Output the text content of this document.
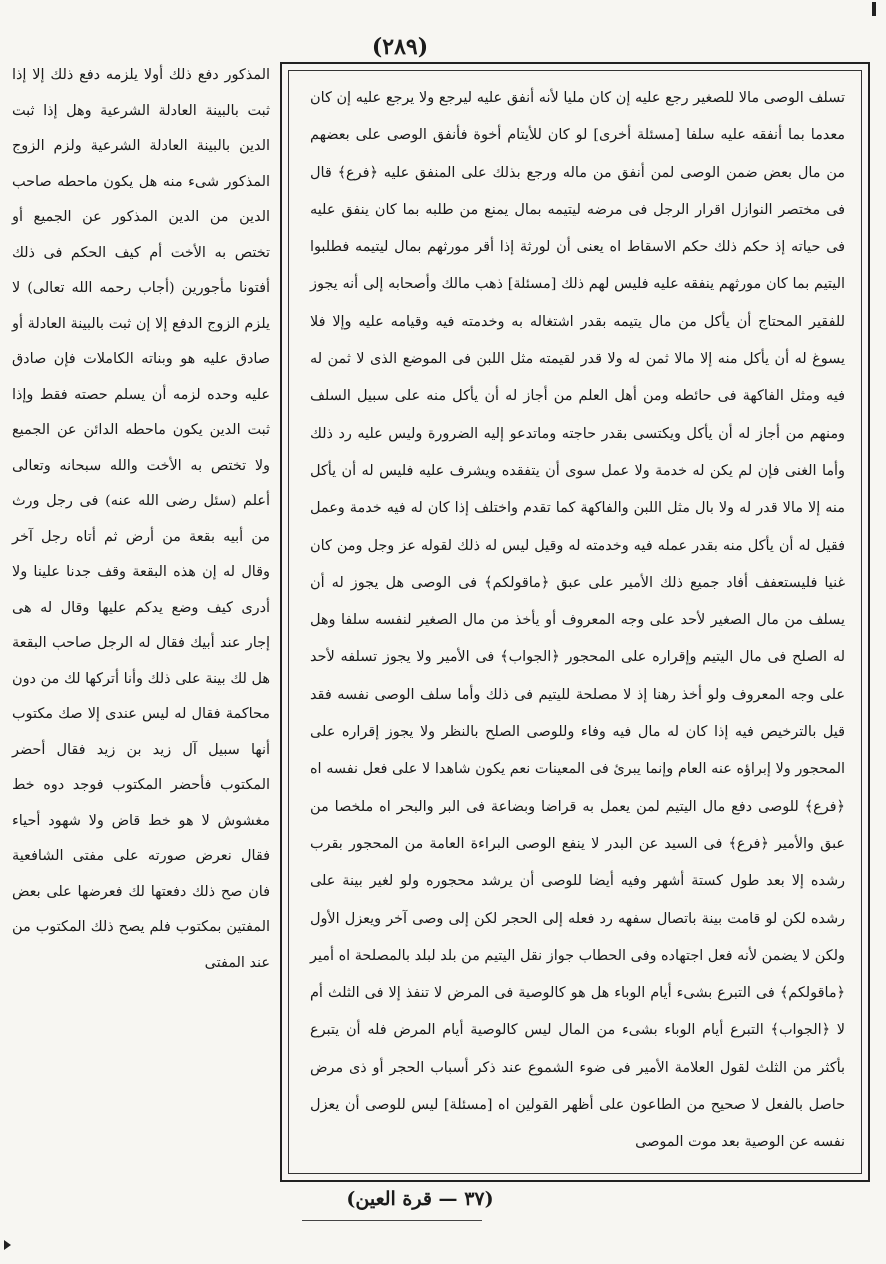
(٢٨٩)
تسلف الوصى مالا للصغير رجع عليه إن كان مليا لأنه أنفق عليه ليرجع ولا يرجع عليه إن كان معدما بما أنفقه عليه سلفا [مسئلة أخرى] لو كان للأيتام أخوة فأنفق الوصى على بعضهم من مال بعض ضمن الوصى لمن أنفق من ماله ورجع بذلك على المنفق عليه ﴿فرع﴾ قال فى مختصر النوازل اقرار الرجل فى مرضه ليتيمه بمال يمنع من طلبه بما كان ينفق عليه فى حياته إذ حكم ذلك حكم الاسقاط اه يعنى أن لورثة إذا أقر مورثهم بمال ليتيمه فطلبوا اليتيم بما كان مورثهم ينفقه عليه فليس لهم ذلك [مسئلة] ذهب مالك وأصحابه إلى أنه يجوز للفقير المحتاج أن يأكل من مال يتيمه بقدر اشتغاله به وخدمته فيه وقيامه عليه وإلا فلا يسوغ له أن يأكل منه إلا مالا ثمن له ولا قدر لقيمته مثل اللبن فى الموضع الذى لا ثمن له فيه ومثل الفاكهة فى حائطه ومن أهل العلم من أجاز له أن يأكل منه على سبيل السلف ومنهم من أجاز له أن يأكل ويكتسى بقدر حاجته وماتدعو إليه الضرورة وليس عليه رد ذلك وأما الغنى فإن لم يكن له خدمة ولا عمل سوى أن يتفقده ويشرف عليه فليس له أن يأكل منه إلا مالا قدر له ولا بال مثل اللبن والفاكهة كما تقدم واختلف إذا كان له فيه خدمة وعمل فقيل له أن يأكل منه بقدر عمله فيه وخدمته له وقيل ليس له ذلك لقوله عز وجل ومن كان غنيا فليستعفف أفاد جميع ذلك الأمير على عبق ﴿ماقولكم﴾ فى الوصى هل يجوز له أن يسلف من مال الصغير لأحد على وجه المعروف أو يأخذ من مال الصغير لنفسه سلفا وهل له الصلح فى مال اليتيم وإقراره على المحجور ﴿الجواب﴾ فى الأمير ولا يجوز تسلفه لأحد على وجه المعروف ولو أخذ رهنا إذ لا مصلحة لليتيم فى ذلك وأما سلف الوصى نفسه فقد قيل بالترخيص فيه إذا كان له مال فيه وفاء وللوصى الصلح بالنظر ولا يجوز إقراره على المحجور ولا إبراؤه عنه العام وإنما يبرئ فى المعينات نعم يكون شاهدا لا على فعل نفسه اه ﴿فرع﴾ للوصى دفع مال اليتيم لمن يعمل به قراضا وبضاعة فى البر والبحر اه ملخصا من عبق والأمير ﴿فرع﴾ فى السيد عن البدر لا ينفع الوصى البراءة العامة من المحجور بقرب رشده إلا بعد طول كستة أشهر وفيه أيضا للوصى أن يرشد محجوره ولو لغير بينة على رشده لكن لو قامت بينة باتصال سفهه رد فعله إلى الحجر لكن إلى وصى آخر ويعزل الأول ولكن لا يضمن لأنه فعل اجتهاده وفى الحطاب جواز نقل اليتيم من بلد لبلد بالمصلحة اه أمير ﴿ماقولكم﴾ فى التبرع بشىء أيام الوباء هل هو كالوصية فى المرض لا تنفذ إلا فى الثلث أم لا ﴿الجواب﴾ التبرع أيام الوباء بشىء من المال ليس كالوصية أيام المرض فله أن يتبرع بأكثر من الثلث لقول العلامة الأمير فى ضوء الشموع عند ذكر أسباب الحجر أو ذى مرض حاصل بالفعل لا صحيح من الطاعون على أظهر القولين اه [مسئلة] ليس للوصى أن يعزل نفسه عن الوصية بعد موت الموصى
المذكور دفع ذلك أولا يلزمه دفع ذلك إلا إذا ثبت بالبينة العادلة الشرعية وهل إذا ثبت الدين بالبينة العادلة الشرعية ولزم الزوج المذكور شىء منه هل يكون ماحطه صاحب الدين من الدين المذكور عن الجميع أو تختص به الأخت أم كيف الحكم فى ذلك أفتونا مأجورين (أجاب رحمه الله تعالى) لا يلزم الزوج الدفع إلا إن ثبت بالبينة العادلة أو صادق عليه هو وبناته الكاملات فإن صادق عليه وحده لزمه أن يسلم حصته فقط وإذا ثبت الدين يكون ماحطه الدائن عن الجميع ولا تختص به الأخت والله سبحانه وتعالى أعلم (سئل رضى الله عنه) فى رجل ورث من أبيه بقعة من أرض ثم أتاه رجل آخر وقال له إن هذه البقعة وقف جدنا علينا ولا أدرى كيف وضع يدكم عليها وقال له هى إجار عند أبيك فقال له الرجل صاحب البقعة هل لك بينة على ذلك وأنا أتركها لك من دون محاكمة فقال له ليس عندى إلا صك مكتوب أنها سبيل آل زيد بن زيد فقال أحضر المكتوب فأحضر المكتوب فوجد دوه خط مغشوش لا هو خط قاض ولا شهود أحياء فقال نعرض صورته على مفتى الشافعية فان صح ذلك دفعتها لك فعرضها على بعض المفتين بمكتوب فلم يصح ذلك المكتوب من عند المفتى
(٣٧ — قرة العين)
